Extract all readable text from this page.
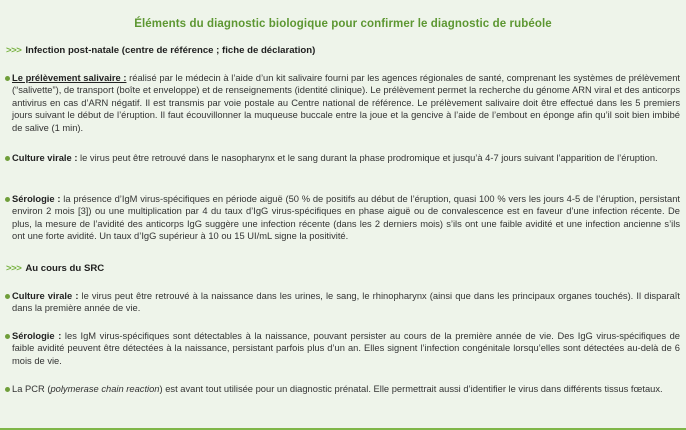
Éléments du diagnostic biologique pour confirmer le diagnostic de rubéole
>>> Infection post-natale (centre de référence ; fiche de déclaration)
Le prélèvement salivaire : réalisé par le médecin à l’aide d’un kit salivaire fourni par les agences régionales de santé, comprenant les systèmes de prélèvement (“salivette”), de transport (boîte et enveloppe) et de renseignements (identité clinique). Le prélèvement permet la recherche du génome ARN viral et des anticorps antivirus en cas d’ARN négatif. Il est transmis par voie postale au Centre national de référence. Le prélèvement salivaire doit être effectué dans les 5 premiers jours suivant le début de l’éruption. Il faut écouvillonner la muqueuse buccale entre la joue et la gencive à l’aide de l’embout en éponge afin qu’il soit bien imbibé de salive (1 min).
Culture virale : le virus peut être retrouvé dans le nasopharynx et le sang durant la phase prodromique et jusqu’à 4-7 jours suivant l’apparition de l’éruption.
Sérologie : la présence d’IgM virus-spécifiques en période aiguë (50 % de positifs au début de l’éruption, quasi 100 % vers les jours 4-5 de l’éruption, persistant environ 2 mois [3]) ou une multiplication par 4 du taux d’IgG virus-spécifiques en phase aiguë ou de convalescence est en faveur d’une infection récente. De plus, la mesure de l’avidité des anticorps IgG suggère une infection récente (dans les 2 derniers mois) s’ils ont une faible avidité et une infection ancienne s’ils ont une forte avidité. Un taux d’IgG supérieur à 10 ou 15 UI/mL signe la positivité.
>>> Au cours du SRC
Culture virale : le virus peut être retrouvé à la naissance dans les urines, le sang, le rhinopharynx (ainsi que dans les principaux organes touchés). Il disparaît dans la première année de vie.
Sérologie : les IgM virus-spécifiques sont détectables à la naissance, pouvant persister au cours de la première année de vie. Des IgG virus-spécifiques de faible avidité peuvent être détectées à la naissance, persistant parfois plus d’un an. Elles signent l’infection congénitale lorsqu’elles sont détectées au-delà de 6 mois de vie.
La PCR (polymerase chain reaction) est avant tout utilisée pour un diagnostic prénatal. Elle permettrait aussi d’identifier le virus dans différents tissus fœtaux.
